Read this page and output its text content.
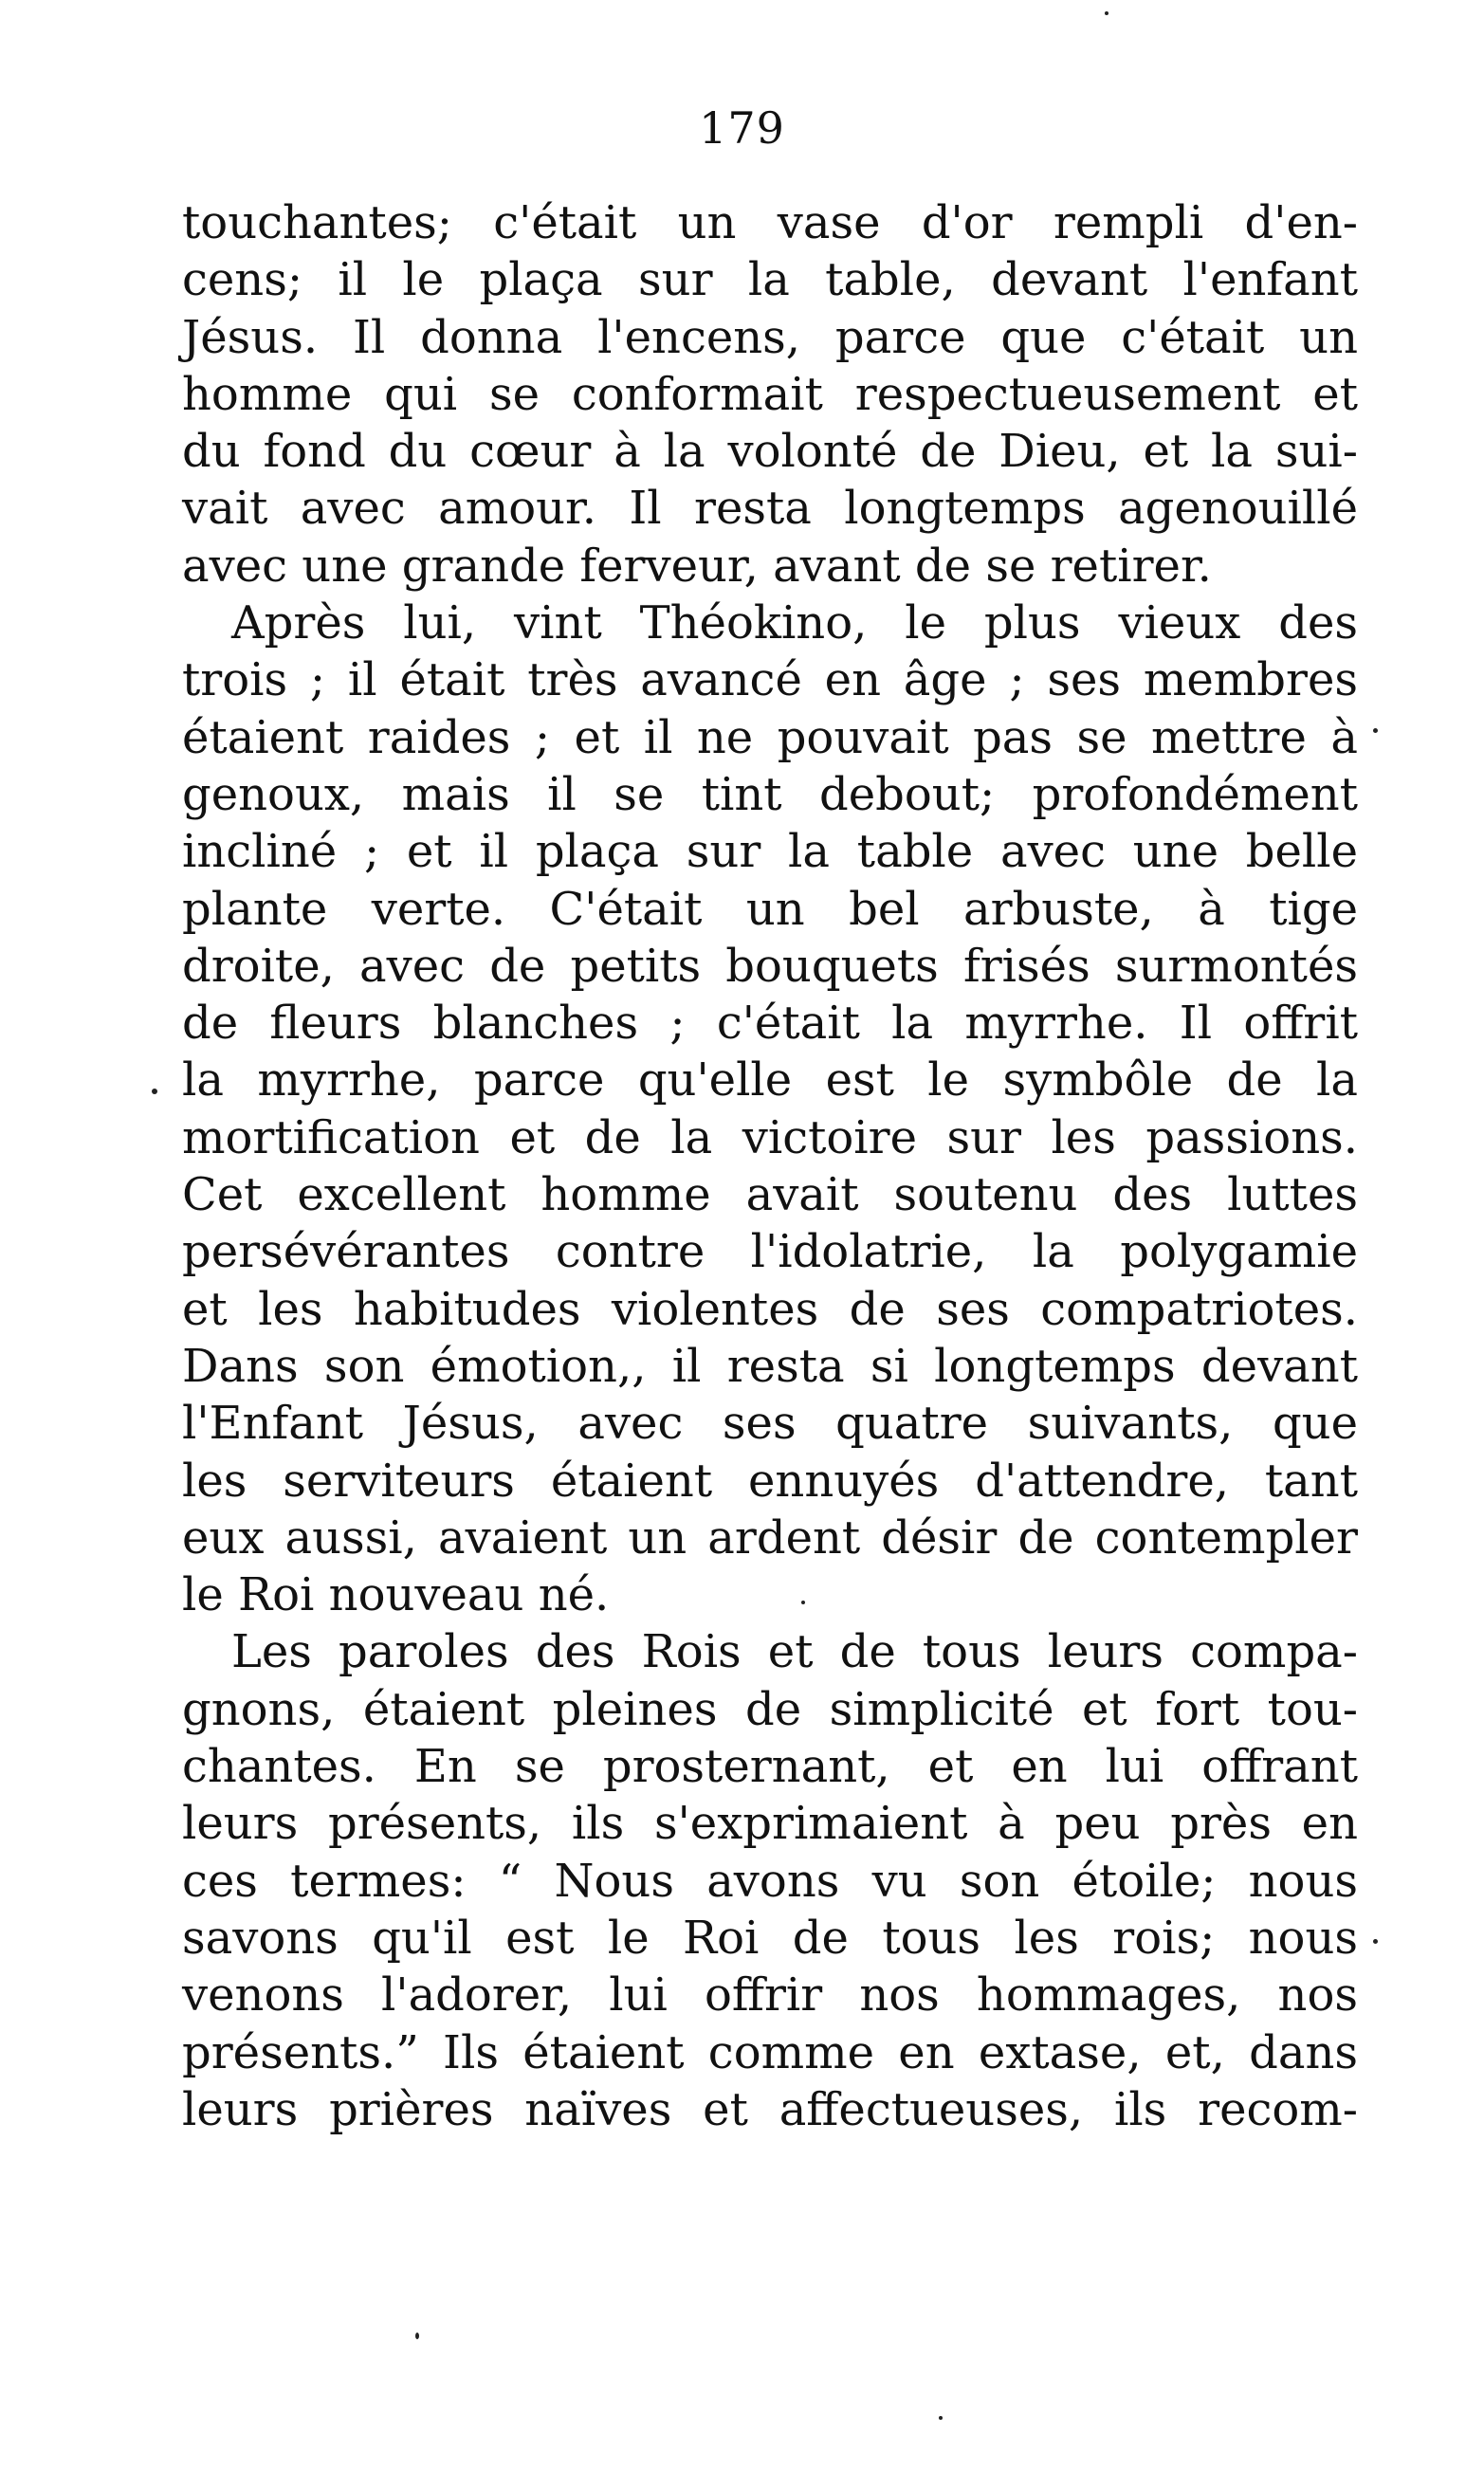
179
touchantes; c'était un vase d'or rempli d'en-
cens; il le plaça sur la table, devant l'enfant
Jésus. Il donna l'encens, parce que c'était un
homme qui se conformait respectueusement et
du fond du cœur à la volonté de Dieu, et la sui-
vait avec amour. Il resta longtemps agenouillé
avec une grande ferveur, avant de se retirer.
Après lui, vint Théokino, le plus vieux des
trois ; il était très avancé en âge ; ses membres
étaient raides ; et il ne pouvait pas se mettre à
genoux, mais il se tint debout; profondément
incliné ; et il plaça sur la table avec une belle
plante verte. C'était un bel arbuste, à tige
droite, avec de petits bouquets frisés surmontés
de fleurs blanches ; c'était la myrrhe. Il offrit
la myrrhe, parce qu'elle est le symbôle de la
mortification et de la victoire sur les passions.
Cet excellent homme avait soutenu des luttes
persévérantes contre l'idolatrie, la polygamie
et les habitudes violentes de ses compatriotes.
Dans son émotion,, il resta si longtemps devant
l'Enfant Jésus, avec ses quatre suivants, que
les serviteurs étaient ennuyés d'attendre, tant
eux aussi, avaient un ardent désir de contempler
le Roi nouveau né.
Les paroles des Rois et de tous leurs compa-
gnons, étaient pleines de simplicité et fort tou-
chantes. En se prosternant, et en lui offrant
leurs présents, ils s'exprimaient à peu près en
ces termes: “ Nous avons vu son étoile; nous
savons qu'il est le Roi de tous les rois; nous
venons l'adorer, lui offrir nos hommages, nos
présents.” Ils étaient comme en extase, et, dans
leurs prières naïves et affectueuses, ils recom-
